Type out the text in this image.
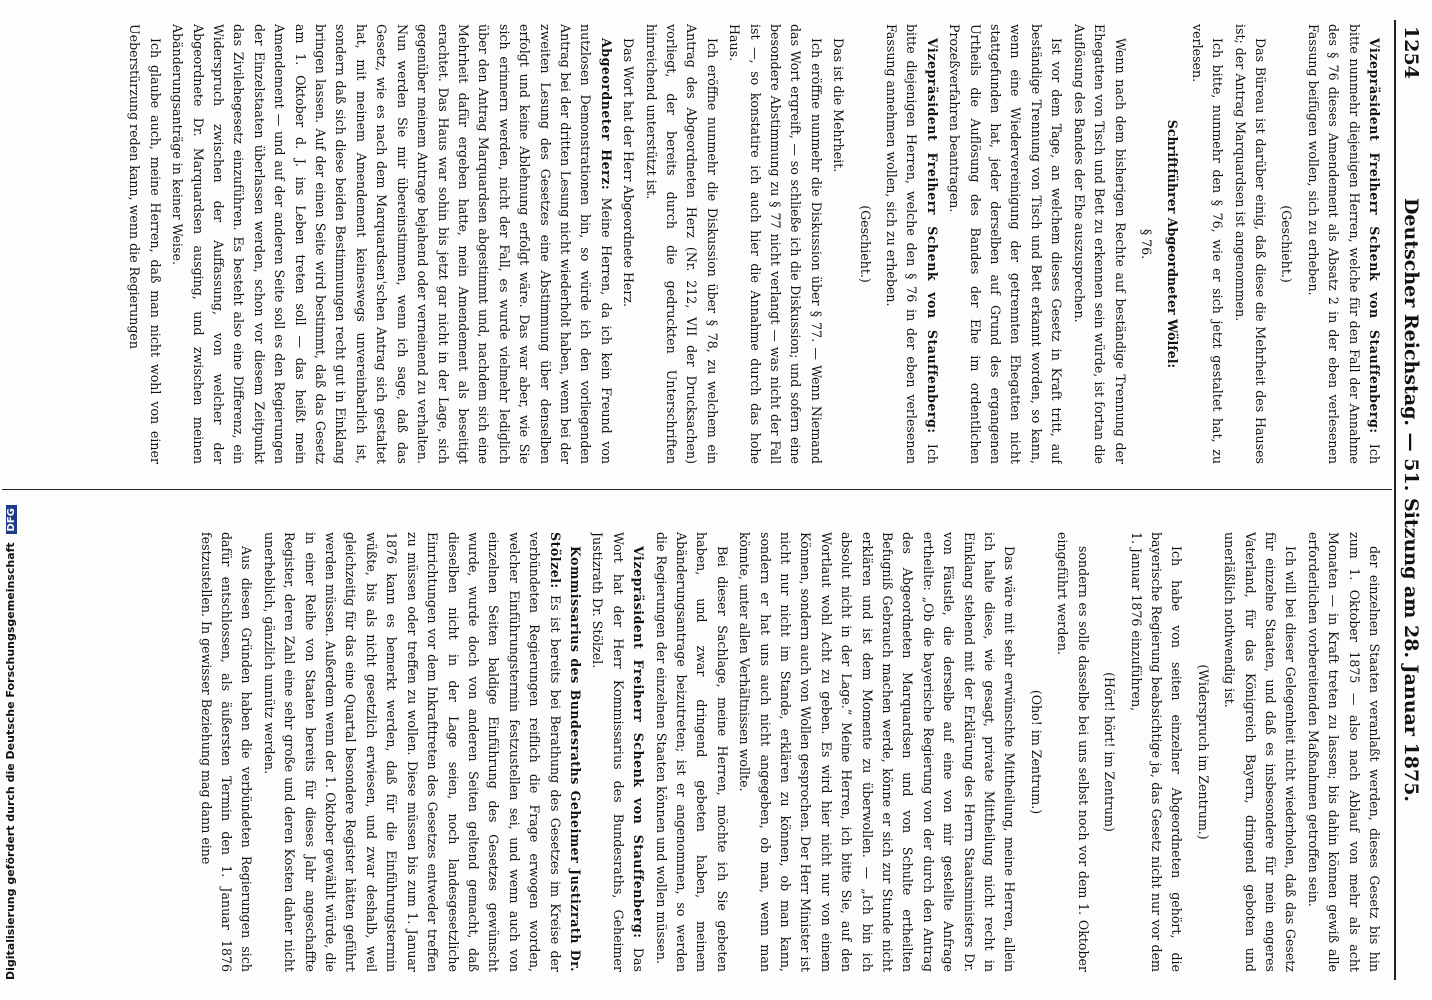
1254
Deutscher Reichstag. — 51. Sitzung am 28. Januar 1875.

Vizepräsident Freiherr Schenk von Stauffenberg: Ich bitte nunmehr diejenigen Herren, welche für den Fall der Annahme des § 76 dieses Amendement als Absatz 2 in der eben verlesenen Fassung beifügen wollen, sich zu erheben.

(Geschieht.)

Das Büreau ist darüber einig, daß diese die Mehrheit des Hauses ist; der Antrag Marquardsen ist angenommen.

Ich bitte, nunmehr den § 76, wie er sich jetzt gestaltet hat, zu verlesen.

Schriftführer Abgeordneter Wölfel:

§ 76.

Wenn nach dem bisherigen Rechte auf beständige Trennung der Ehegatten von Tisch und Bett zu erkennen sein würde, ist fortan die Auflösung des Bandes der Ehe auszusprechen.

Ist vor dem Tage, an welchem dieses Gesetz in Kraft tritt, auf beständige Trennung von Tisch und Bett erkannt worden, so kann, wenn eine Wiedervereinigung der getrennten Ehegatten nicht stattgefunden hat, jeder derselben auf Grund des ergangenen Urtheils die Auflösung des Bandes der Ehe im ordentlichen Prozeßverfahren beantragen.

Vizepräsident Freiherr Schenk von Stauffenberg: Ich bitte diejenigen Herren, welche den § 76 in der eben verlesenen Fassung annehmen wollen, sich zu erheben.

(Geschieht.)

Das ist die Mehrheit.

Ich eröffne nunmehr die Diskussion über § 77. — Wenn Niemand das Wort ergreift, — so schließe ich die Diskussion; und sofern eine besondere Abstimmung zu § 77 nicht verlangt — was nicht der Fall ist —, so konstatire ich auch hier die Annahme durch das hohe Haus.

Ich eröffne nunmehr die Diskussion über § 78, zu welchem ein Antrag des Abgeordneten Herz (Nr. 212, VII der Drucksachen) vorliegt, der bereits durch die gedruckten Unterschriften hinreichend unterstützt ist.

Das Wort hat der Herr Abgeordnete Herz.

Abgeordneter Herz: Meine Herren, da ich kein Freund von nutzlosen Demonstrationen bin, so würde ich den vorliegenden Antrag bei der dritten Lesung nicht wiederholt haben, wenn bei der zweiten Lesung des Gesetzes eine Abstimmung über denselben erfolgt und keine Ablehnung erfolgt wäre. Das war aber, wie Sie sich erinnern werden, nicht der Fall, es wurde vielmehr lediglich über den Antrag Marquardsen abgestimmt und, nachdem sich eine Mehrheit dafür ergeben hatte, mein Amendement als beseitigt erachtet. Das Haus war sohin bis jetzt gar nicht in der Lage, sich gegenüber meinem Antrage bejahend oder verneinend zu verhalten. Nun werden Sie mir übereinstimmen, wenn ich sage, daß das Gesetz, wie es nach dem Marquardsen'schen Antrag sich gestaltet hat, mit meinem Amendement keineswegs unvereinbarlich ist, sondern daß sich diese beiden Bestimmungen recht gut in Einklang bringen lassen. Auf der einen Seite wird bestimmt, daß das Gesetz am 1. Oktober d. J. ins Leben treten soll — das heißt mein Amendement — und auf der anderen Seite soll es den Regierungen der Einzelstaaten überlassen werden, schon vor diesem Zeitpunkt das Zivilehegesetz einzuführen. Es besteht also eine Differenz, ein Widerspruch zwischen der Auffassung, von welcher der Abgeordnete Dr. Marquardsen ausging, und zwischen meinen Abänderungsanträge in keiner Weise.

Ich glaube auch, meine Herren, daß man nicht wohl von einer Ueberstürzung reden kann, wenn die Regierungen

der einzelnen Staaten veranlaßt werden, dieses Gesetz bis hin zum 1. Oktober 1875 — also nach Ablauf von mehr als acht Monaten — in Kraft treten zu lassen; bis dahin können gewiß alle erforderlichen vorbereitenden Maßnahmen getroffen sein.

Ich will bei dieser Gelegenheit nicht wiederholen, daß das Gesetz für einzelne Staaten, und daß es insbesondere für mein engeres Vaterland, für das Königreich Bayern, dringend geboten und unerläßlich nothwendig ist.

(Widerspruch im Zentrum.)

Ich habe von seiten einzelner Abgeordneten gehört, die bayerische Regierung beabsichtige ja, das Gesetz nicht nur vor dem 1. Januar 1876 einzuführen,

(Hört! hört! im Zentrum)

sondern es solle dasselbe bei uns selbst noch vor dem 1. Oktober eingeführt werden.

(Oho! im Zentrum.)

Das wäre mit sehr erwünschte Mittheilung, meine Herren, allein ich halte diese, wie gesagt, private Mittheilung nicht recht in Einklang stehend mit der Erklärung des Herrn Staatsministers Dr. von Fäustle, die derselbe auf eine von mir gestellte Anfrage ertheilte: „Ob die bayerische Regierung von der durch den Antrag des Abgeordneten Marquardsen und von Schulte ertheilten Befugniß Gebrauch machen werde, könne er sich zur Stunde nicht erklären und ist dem Momente zu überwollen. — „Ich bin ich absolut nicht in der Lage.“ Meine Herren, ich bitte Sie, auf den Wortlaut wohl Acht zu geben. Es wird hier nicht nur von einem Können, sondern auch von Wollen gesprochen. Der Herr Minister ist nicht nur nicht im Stande, erklären zu können, ob man kann, sondern er hat uns auch nicht angegeben, ob man, wenn man könnte, unter allen Verhältnissen wollte.

Bei dieser Sachlage, meine Herren, möchte ich Sie gebeten haben, und zwar dringend gebeten haben, meinem Abänderungsantrage beizutreten; ist er angenommen, so werden die Regierungen der einzelnen Staaten können und wollen müssen.

Vizepräsident Freiherr Schenk von Stauffenberg: Das Wort hat der Herr Kommissarius des Bundesraths, Geheimer Justizrath Dr. Stölzel.

Kommissarius des Bundesraths Geheimer Justizrath Dr. Stölzel: Es ist bereits bei Berathung des Gesetzes im Kreise der verbündeten Regierungen reiflich die Frage erwogen worden, welcher Einführungstermin festzustellen sei, und wenn auch von einzelnen Seiten baldige Einführung des Gesetzes gewünscht wurde, wurde doch von anderen Seiten geltend gemacht, daß dieselben nicht in der Lage seien, noch landesgesetzliche Einrichtungen vor dem Inkrafttreten des Gesetzes entweder treffen zu müssen oder treffen zu wollen. Diese müssen bis zum 1. Januar 1876 kann es bemerkt werden, daß für die Einführungstermin wüßte, bis als nicht gesetzlich erwiesen, und zwar deshalb, weil gleichzeitig für das eine Quartal besondere Register hätten geführt werden müssen. Außerdem wenn der 1. Oktober gewählt würde, die in einer Reihe von Staaten bereits für dieses Jahr angeschaffte Register, deren Zahl eine sehr große und deren Kosten daher nicht unerheblich, gänzlich unnütz werden.

Aus diesen Gründen haben die verbündeten Regierungen sich dafür entschlossen, als äußersten Termin den 1. Januar 1876 festzustellen. In gewisser Beziehung mag dann eine

Digitalisierung gefördert durch die Deutsche Forschungsgemeinschaft DFG
